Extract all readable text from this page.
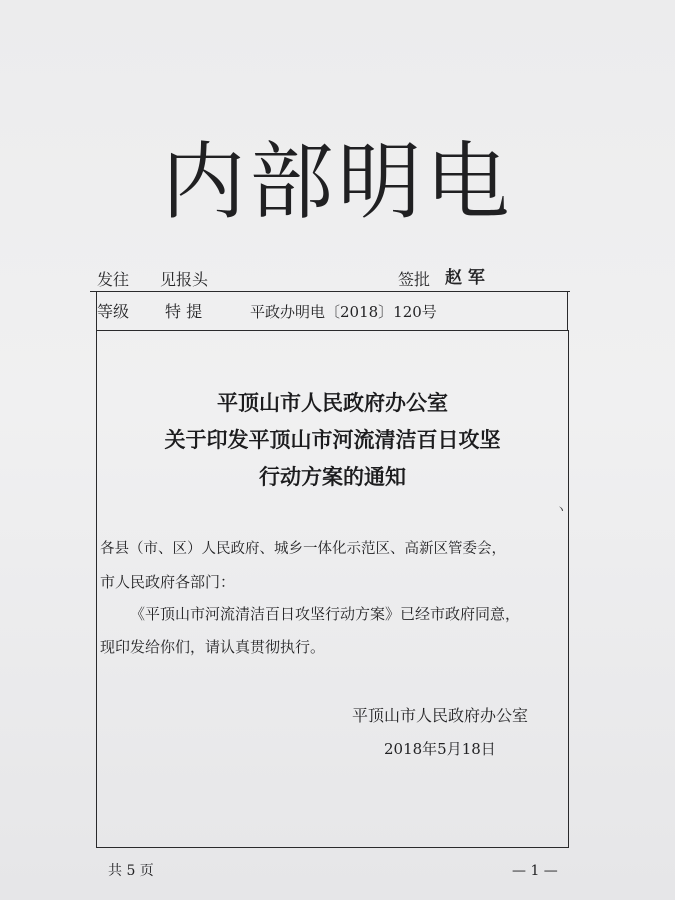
内部明电
发往 见报头	签批 赵 军
等级 特 提	平政办明电〔2018〕120号
平顶山市人民政府办公室
关于印发平顶山市河流清洁百日攻坚
行动方案的通知
ヽ
各县（市、区）人民政府、城乡一体化示范区、高新区管委会，
市人民政府各部门：
《平顶山市河流清洁百日攻坚行动方案》已经市政府同意，
现印发给你们，请认真贯彻执行。
平顶山市人民政府办公室
2018年5月18日
共 5 页	— 1 —
